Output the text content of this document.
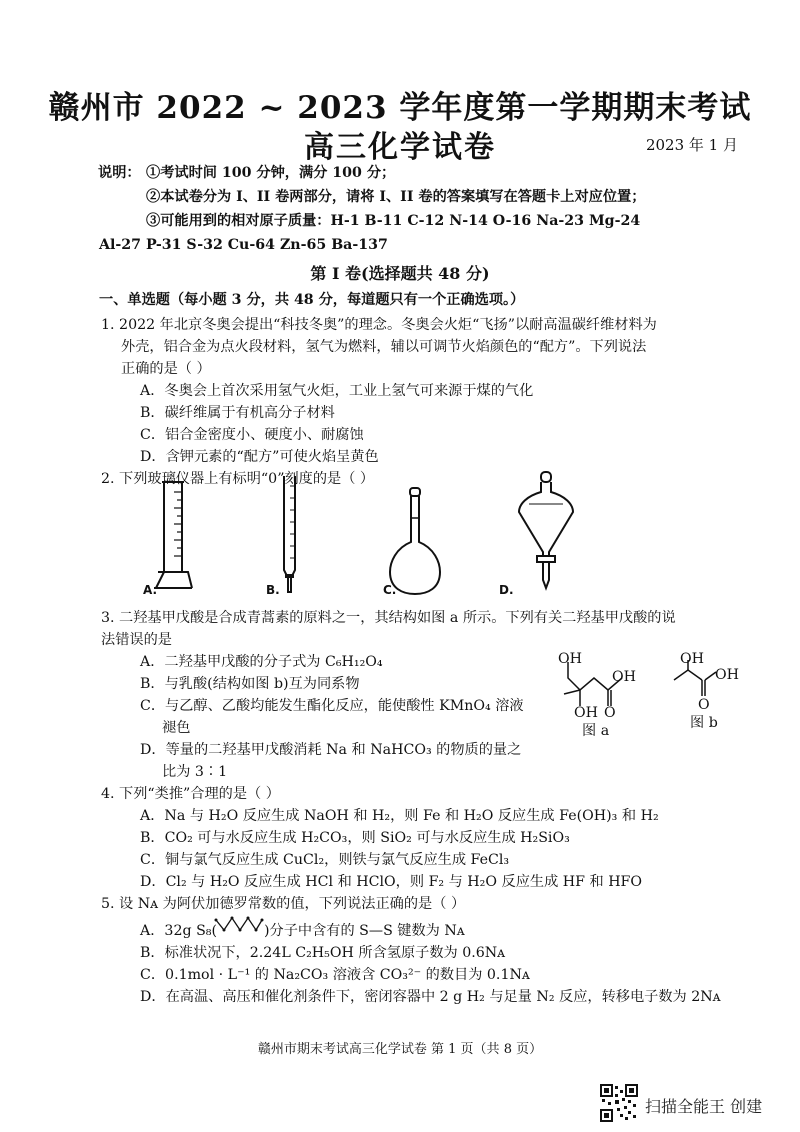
赣州市 2022 ~ 2023 学年度第一学期期末考试
高三化学试卷	2023 年 1 月
说明： ①考试时间 100 分钟，满分 100 分；
②本试卷分为 I、II 卷两部分，请将 I、II 卷的答案填写在答题卡上对应位置；
③可能用到的相对原子质量：H-1 B-11 C-12 N-14 O-16 Na-23 Mg-24
Al-27 P-31 S-32 Cu-64 Zn-65 Ba-137
第 I 卷(选择题共 48 分)
一、单选题（每小题 3 分，共 48 分，每道题只有一个正确选项。）
1. 2022 年北京冬奥会提出“科技冬奥”的理念。冬奥会火炬“飞扬”以耐高温碳纤维材料为
外壳，铝合金为点火段材料，氢气为燃料，辅以可调节火焰颜色的“配方”。下列说法
正确的是（ ）
A．冬奥会上首次采用氢气火炬，工业上氢气可来源于煤的气化
B．碳纤维属于有机高分子材料
C．铝合金密度小、硬度小、耐腐蚀
D．含钾元素的“配方”可使火焰呈黄色
2. 下列玻璃仪器上有标明“0”刻度的是（ ）
A.	B.	C.	D.
3. 二羟基甲戊酸是合成青蒿素的原料之一，其结构如图 a 所示。下列有关二羟基甲戊酸的说
法错误的是
A．二羟基甲戊酸的分子式为 C₆H₁₂O₄
B．与乳酸(结构如图 b)互为同系物
C．与乙醇、乙酸均能发生酯化反应，能使酸性 KMnO₄ 溶液
褪色
D．等量的二羟基甲戊酸消耗 Na 和 NaHCO₃ 的物质的量之
比为 3∶1
OH
OH
O
OH
图 a
OH
OH
O
图 b
4. 下列“类推”合理的是（ ）
A．Na 与 H₂O 反应生成 NaOH 和 H₂，则 Fe 和 H₂O 反应生成 Fe(OH)₃ 和 H₂
B．CO₂ 可与水反应生成 H₂CO₃，则 SiO₂ 可与水反应生成 H₂SiO₃
C．铜与氯气反应生成 CuCl₂，则铁与氯气反应生成 FeCl₃
D．Cl₂ 与 H₂O 反应生成 HCl 和 HClO，则 F₂ 与 H₂O 反应生成 HF 和 HFO
5. 设 Nᴀ 为阿伏加德罗常数的值，下列说法正确的是（ ）
A．32g S₈(	)分子中含有的 S—S 键数为 Nᴀ
B．标准状况下，2.24L C₂H₅OH 所含氢原子数为 0.6Nᴀ
C．0.1mol · L⁻¹ 的 Na₂CO₃ 溶液含 CO₃²⁻ 的数目为 0.1Nᴀ
D．在高温、高压和催化剂条件下，密闭容器中 2 g H₂ 与足量 N₂ 反应，转移电子数为 2Nᴀ
赣州市期末考试高三化学试卷 第 1 页（共 8 页）
扫描全能王 创建
